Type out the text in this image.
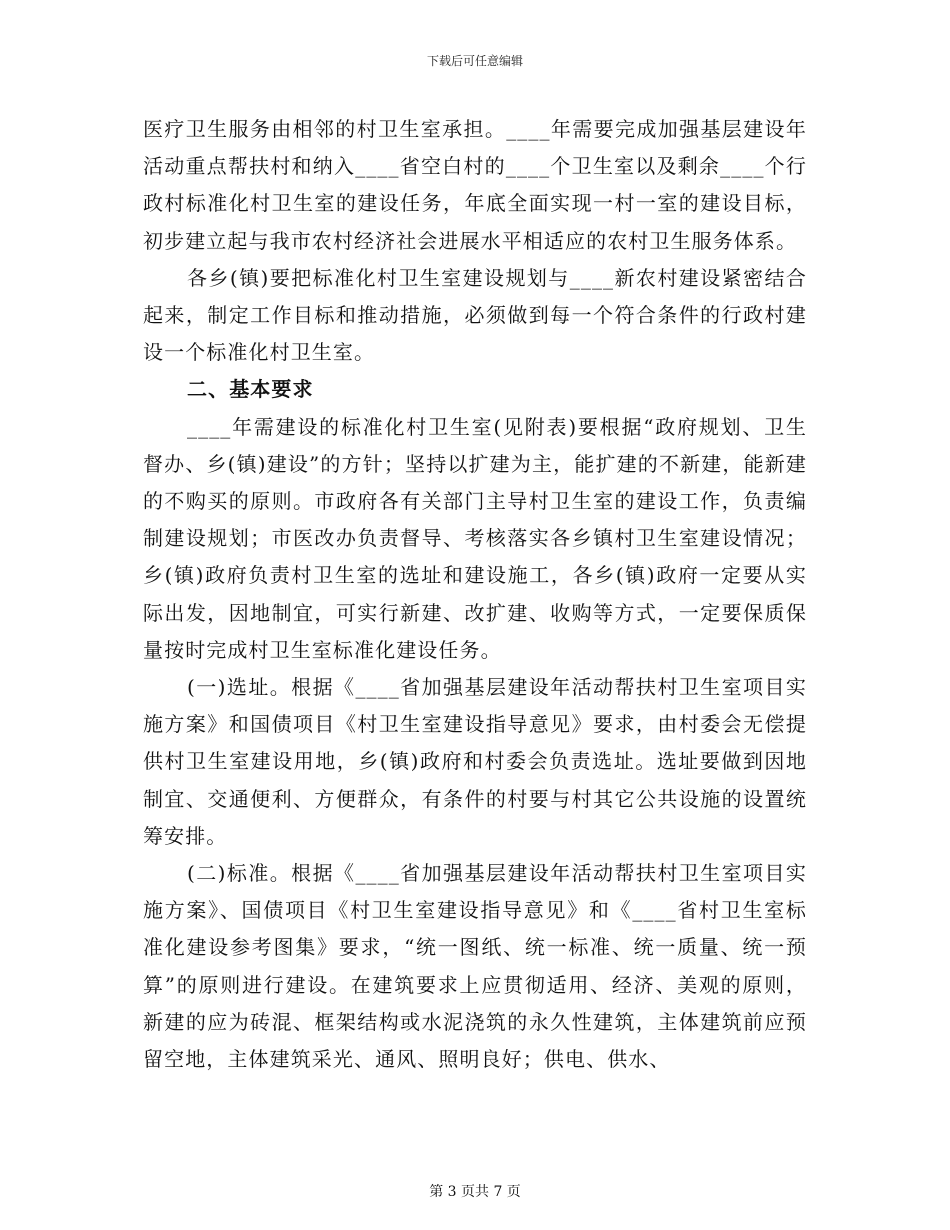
下载后可任意编辑

医疗卫生服务由相邻的村卫生室承担。____年需要完成加强基层建设年活动重点帮扶村和纳入____省空白村的____个卫生室以及剩余____个行政村标准化村卫生室的建设任务，年底全面实现一村一室的建设目标，初步建立起与我市农村经济社会进展水平相适应的农村卫生服务体系。

各乡(镇)要把标准化村卫生室建设规划与____新农村建设紧密结合起来，制定工作目标和推动措施，必须做到每一个符合条件的行政村建设一个标准化村卫生室。

二、基本要求

____年需建设的标准化村卫生室(见附表)要根据“政府规划、卫生督办、乡(镇)建设”的方针；坚持以扩建为主，能扩建的不新建，能新建的不购买的原则。市政府各有关部门主导村卫生室的建设工作，负责编制建设规划；市医改办负责督导、考核落实各乡镇村卫生室建设情况；乡(镇)政府负责村卫生室的选址和建设施工，各乡(镇)政府一定要从实际出发，因地制宜，可实行新建、改扩建、收购等方式，一定要保质保量按时完成村卫生室标准化建设任务。

(一)选址。根据《____省加强基层建设年活动帮扶村卫生室项目实施方案》和国债项目《村卫生室建设指导意见》要求，由村委会无偿提供村卫生室建设用地，乡(镇)政府和村委会负责选址。选址要做到因地制宜、交通便利、方便群众，有条件的村要与村其它公共设施的设置统筹安排。

(二)标准。根据《____省加强基层建设年活动帮扶村卫生室项目实施方案》、国债项目《村卫生室建设指导意见》和《____省村卫生室标准化建设参考图集》要求，“统一图纸、统一标准、统一质量、统一预算”的原则进行建设。在建筑要求上应贯彻适用、经济、美观的原则，新建的应为砖混、框架结构或水泥浇筑的永久性建筑，主体建筑前应预留空地，主体建筑采光、通风、照明良好；供电、供水、

第 3 页共 7 页
